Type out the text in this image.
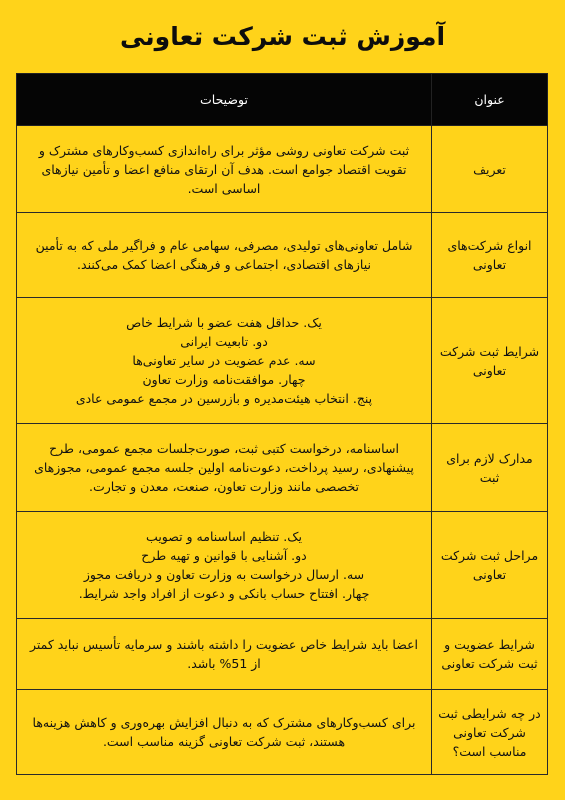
آموزش ثبت شرکت تعاونی
عنوان	توضیحات
تعریف	ثبت شرکت تعاونی روشی مؤثر برای راه‌اندازی کسب‌وکارهای مشترک و تقویت اقتصاد جوامع است. هدف آن ارتقای منافع اعضا و تأمین نیازهای اساسی است.
انواع شرکت‌های تعاونی	شامل تعاونی‌های تولیدی، مصرفی، سهامی عام و فراگیر ملی که به تأمین نیازهای اقتصادی، اجتماعی و فرهنگی اعضا کمک می‌کنند.
شرایط ثبت شرکت تعاونی	یک. حداقل هفت عضو با شرایط خاص
دو. تابعیت ایرانی
سه. عدم عضویت در سایر تعاونی‌ها
چهار. موافقت‌نامه وزارت تعاون
پنج. انتخاب هیئت‌مدیره و بازرسین در مجمع عمومی عادی

مدارک لازم برای ثبت	اساسنامه، درخواست کتبی ثبت، صورت‌جلسات مجمع عمومی، طرح پیشنهادی، رسید پرداخت، دعوت‌نامه اولین جلسه مجمع عمومی، مجوزهای تخصصی مانند وزارت تعاون، صنعت، معدن و تجارت.
مراحل ثبت شرکت تعاونی	یک. تنظیم اساسنامه و تصویب
دو. آشنایی با قوانین و تهیه طرح
سه. ارسال درخواست به وزارت تعاون و دریافت مجوز
چهار. افتتاح حساب بانکی و دعوت از افراد واجد شرایط.

شرایط عضویت و ثبت شرکت تعاونی	اعضا باید شرایط خاص عضویت را داشته باشند و سرمایه تأسیس نباید کمتر از 51% باشد.
در چه شرایطی ثبت شرکت تعاونی مناسب است؟	برای کسب‌وکارهای مشترک که به دنبال افزایش بهره‌وری و کاهش هزینه‌ها هستند، ثبت شرکت تعاونی گزینه مناسب است.
